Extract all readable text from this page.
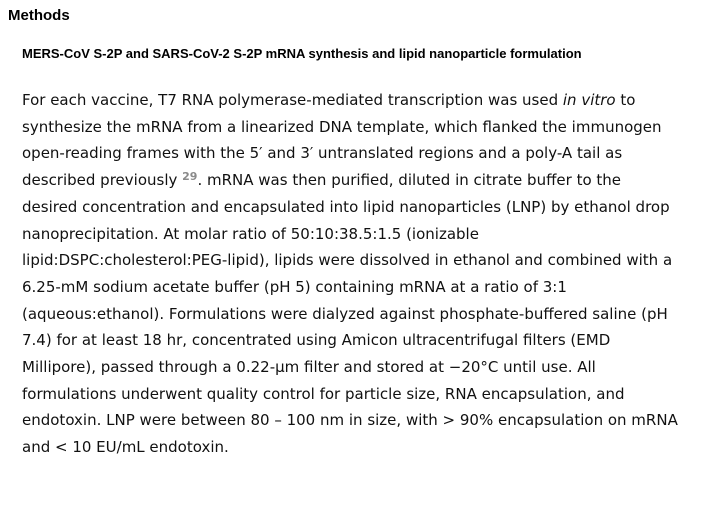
Methods
MERS-CoV S-2P and SARS-CoV-2 S-2P mRNA synthesis and lipid nanoparticle formulation

For each vaccine, T7 RNA polymerase-mediated transcription was used in vitro to
synthesize the mRNA from a linearized DNA template, which flanked the immunogen
open-reading frames with the 5′ and 3′ untranslated regions and a poly-A tail as
described previously $^{29}$. mRNA was then purified, diluted in citrate buffer to the
desired concentration and encapsulated into lipid nanoparticles (LNP) by ethanol drop
nanoprecipitation. At molar ratio of 50:10:38.5:1.5 (ionizable
lipid:DSPC:cholesterol:PEG-lipid), lipids were dissolved in ethanol and combined with a
6.25-mM sodium acetate buffer (pH 5) containing mRNA at a ratio of 3:1
(aqueous:ethanol). Formulations were dialyzed against phosphate-buffered saline (pH
7.4) for at least 18 hr, concentrated using Amicon ultracentrifugal filters (EMD
Millipore), passed through a 0.22-µm filter and stored at −20°C until use. All
formulations underwent quality control for particle size, RNA encapsulation, and
endotoxin. LNP were between 80 – 100 nm in size, with > 90% encapsulation on mRNA
and < 10 EU/mL endotoxin.
